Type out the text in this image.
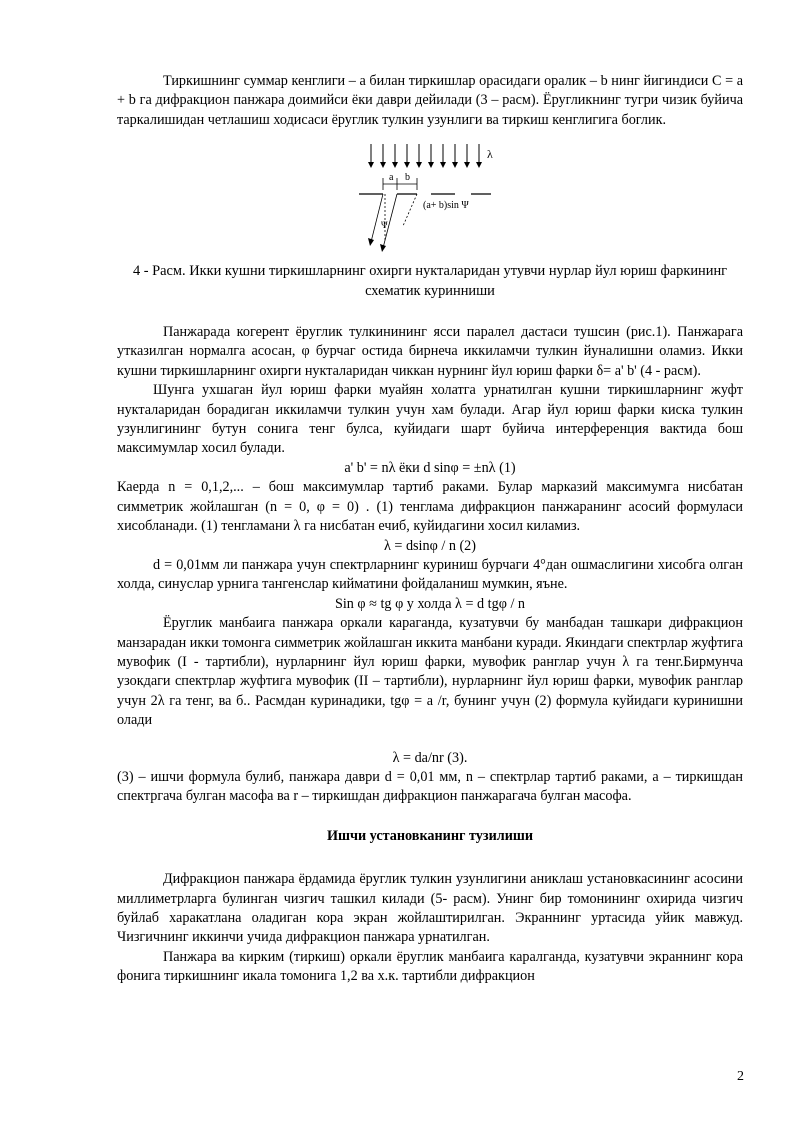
Тиркишнинг суммар кенглиги – а билан тиркишлар орасидаги оралик – b нинг йигиндиси С = a + b га дифракцион панжара доимийси ёки даври дейилади (3 – расм). Ёругликнинг тугри чизик буйича таркалишидан четлашиш ходисаси ёруглик тулкин узунлиги ва тиркиш кенглигига боглик.

λ
a b
Ψ
(a+ b)sin Ψ

4 - Расм. Икки кушни тиркишларнинг охирги нукталаридан утувчи нурлар йул юриш фаркининг схематик куринниши

Панжарада когерент ёруглик тулкинининг ясси паралел дастаси тушсин (рис.1). Панжарага утказилган нормалга асосан, φ бурчаг остида бирнеча иккиламчи тулкин йуналишни оламиз. Икки кушни тиркишларнинг охирги нукталаридан чиккан нурнинг йул юриш фарки δ= a' b' (4 - расм).

Шунга ухшаган йул юриш фарки муайян холатга урнатилган кушни тиркишларнинг жуфт нукталаридан борадиган иккиламчи тулкин учун хам булади. Агар йул юриш фарки киска тулкин узунлигининг бутун сонига тенг булса, куйидаги шарт буйича интерференция вактида бош максимумлар хосил булади.

a' b' = nλ ёки d sinφ = ±nλ (1)

Каерда n = 0,1,2,... – бош максимумлар тартиб раками. Булар марказий максимумга нисбатан симметрик жойлашган (n = 0, φ = 0) . (1) тенглама дифракцион панжаранинг асосий формуласи хисобланади. (1) тенгламани λ га нисбатан ечиб, куйидагини хосил киламиз.

λ = dsinφ / n (2)

d = 0,01мм ли панжара учун спектрларнинг куриниш бурчаги 4°дан ошмаслигини хисобга олган холда, синуслар урнига тангенслар кийматини фойдаланиш мумкин, яъне.

Sin φ ≈ tg φ у холда λ = d tgφ / n

Ёруглик манбаига панжара оркали караганда, кузатувчи бу манбадан ташкари дифракцион манзарадан икки томонга симметрик жойлашган иккита манбани куради. Якиндаги спектрлар жуфтига мувофик (I - тартибли), нурларнинг йул юриш фарки, мувофик ранглар учун λ га тенг.Бирмунча узокдаги спектрлар жуфтига мувофик (II – тартибли), нурларнинг йул юриш фарки, мувофик ранглар учун 2λ га тенг, ва б.. Расмдан куринадики, tgφ = a /r, бунинг учун (2) формула куйидаги куринишни олади

λ = da/nr (3).

(3) – ишчи формула булиб, панжара даври d = 0,01 мм, n – спектрлар тартиб раками, a – тиркишдан спектргача булган масофа ва r – тиркишдан дифракцион панжарагача булган масофа.

Ишчи установканинг тузилиши

Дифракцион панжара ёрдамида ёруглик тулкин узунлигини аниклаш установкасининг асосини миллиметрларга булинган чизгич ташкил килади (5- расм). Унинг бир томонининг охирида чизгич буйлаб харакатлана оладиган кора экран жойлаштирилган. Экраннинг уртасида уйик мавжуд. Чизгичнинг иккинчи учида дифракцион панжара урнатилган.

Панжара ва кирким (тиркиш) оркали ёруглик манбаига каралганда, кузатувчи экраннинг кора фонига тиркишнинг икала томонига 1,2 ва х.к. тартибли дифракцион

2
